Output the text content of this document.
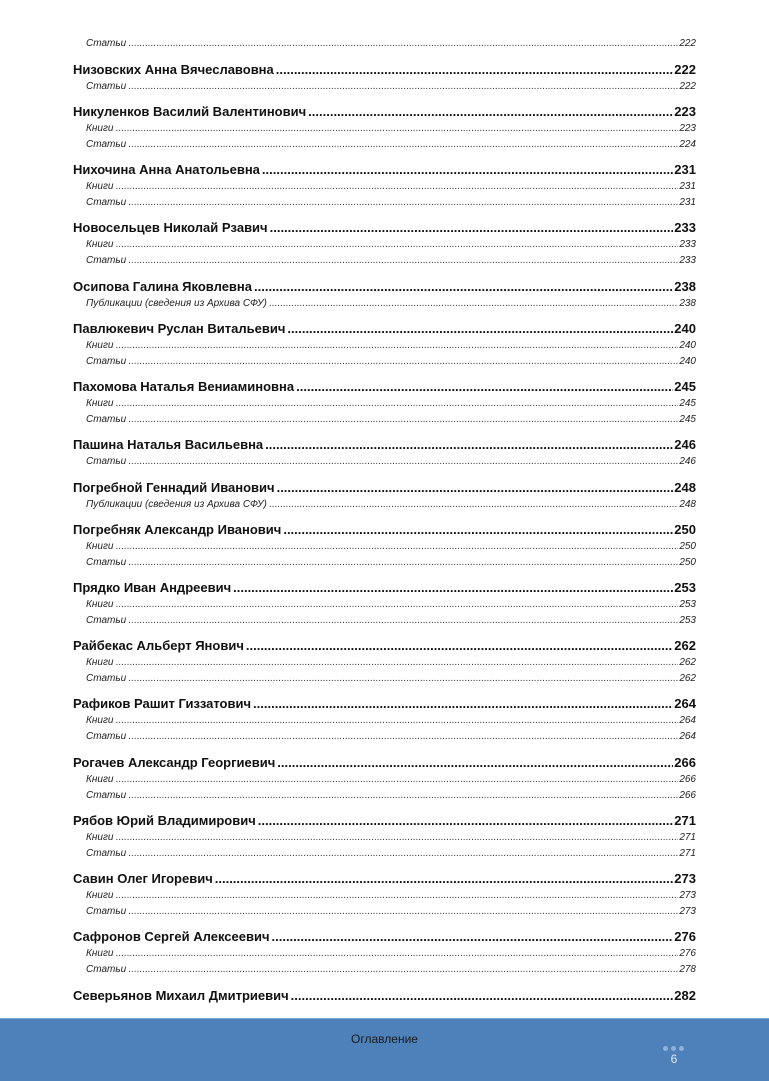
Статьи .....	222
Низовских Анна Вячеславовна .....	222
Статьи .....	222
Никуленков Василий Валентинович .....	223
Книги .....	223
Статьи .....	224
Нихочина Анна Анатольевна .....	231
Книги .....	231
Статьи .....	231
Новосельцев Николай Рзавич .....	233
Книги .....	233
Статьи .....	233
Осипова Галина Яковлевна .....	238
Публикации (сведения из Архива СФУ) .....	238
Павлюкевич Руслан Витальевич .....	240
Книги .....	240
Статьи .....	240
Пахомова Наталья Вениаминовна .....	245
Книги .....	245
Статьи .....	245
Пашина Наталья Васильевна .....	246
Статьи .....	246
Погребной Геннадий Иванович .....	248
Публикации (сведения из Архива СФУ) .....	248
Погребняк Александр Иванович .....	250
Книги .....	250
Статьи .....	250
Прядко Иван Андреевич .....	253
Книги .....	253
Статьи .....	253
Райбекас Альберт Янович .....	262
Книги .....	262
Статьи .....	262
Рафиков Рашит Гиззатович .....	264
Книги .....	264
Статьи .....	264
Рогачев Александр Георгиевич .....	266
Книги .....	266
Статьи .....	266
Рябов Юрий Владимирович .....	271
Книги .....	271
Статьи .....	271
Савин Олег Игоревич .....	273
Книги .....	273
Статьи .....	273
Сафронов Сергей Алексеевич .....	276
Книги .....	276
Статьи .....	278
Северьянов Михаил Дмитриевич .....	282
Оглавление
6
